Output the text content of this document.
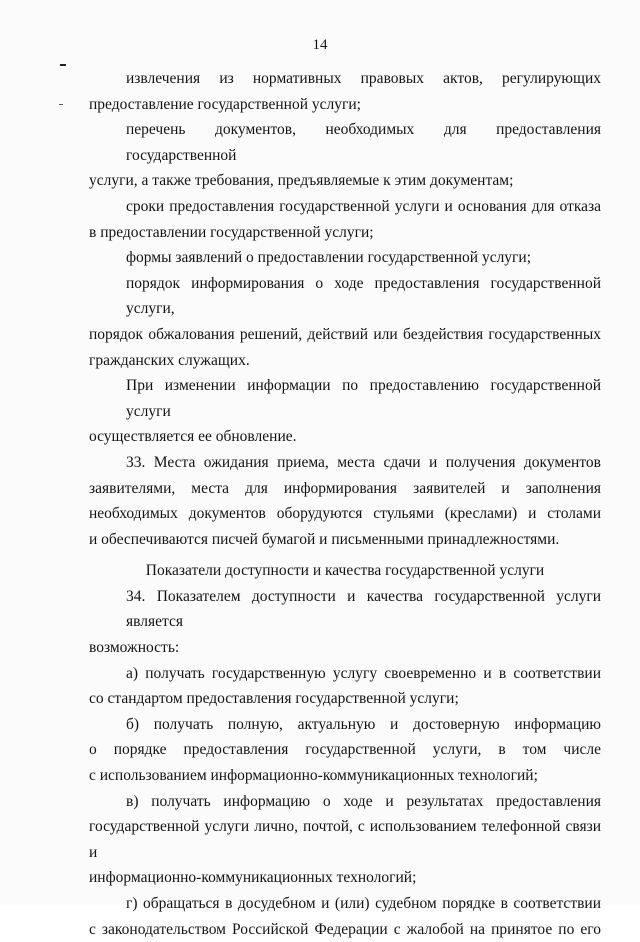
14
извлечения из нормативных правовых актов, регулирующих
предоставление государственной услуги;
перечень документов, необходимых для предоставления государственной
услуги, а также требования, предъявляемые к этим документам;
сроки предоставления государственной услуги и основания для отказа
в предоставлении государственной услуги;
формы заявлений о предоставлении государственной услуги;
порядок информирования о ходе предоставления государственной услуги,
порядок обжалования решений, действий или бездействия государственных
гражданских служащих.
При изменении информации по предоставлению государственной услуги
осуществляется ее обновление.
33. Места ожидания приема, места сдачи и получения документов
заявителями, места для информирования заявителей и заполнения
необходимых документов оборудуются стульями (креслами) и столами
и обеспечиваются писчей бумагой и письменными принадлежностями.
Показатели доступности и качества государственной услуги
34. Показателем доступности и качества государственной услуги является
возможность:
а) получать государственную услугу своевременно и в соответствии
со стандартом предоставления государственной услуги;
б) получать полную, актуальную и достоверную информацию
о порядке предоставления государственной услуги, в том числе
с использованием информационно-коммуникационных технологий;
в) получать информацию о ходе и результатах предоставления
государственной услуги лично, почтой, с использованием телефонной связи и
информационно-коммуникационных технологий;
г) обращаться в досудебном и (или) судебном порядке в соответствии
с законодательством Российской Федерации с жалобой на принятое по его
